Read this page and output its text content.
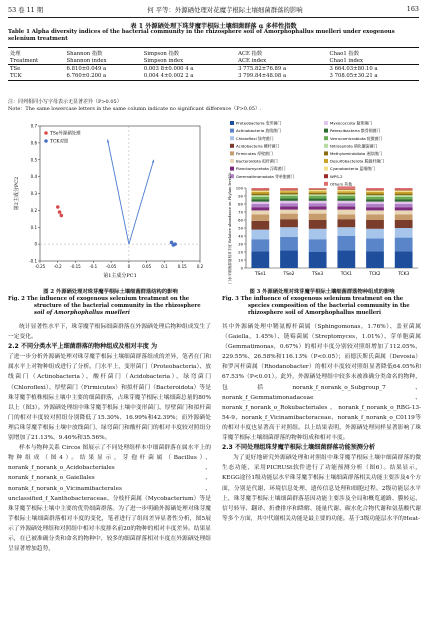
53 卷 11 期	何 平等：外源硒处理对花魔芋根际土壤细菌群落的影响	163
表 1 外源硒处理下珠芽魔芋根际土壤细菌群落 α 多样性指数
Table 1 Alpha diversity indices of the bacterial community in the rhizosphere soil of Amorphophallus muelleri under exogenous selenium treatment
处理	Shannon 指数	Simpson 指数	ACE 指数	Chao1 指数
Treatment	Shannon index	Simpson index	ACE index	Chao1 index
TSe	6.810±0.049 a	0.003 8±0.000 4 a	3 775.82±76.89 a	3 664.03±80.10 a
TCK	6.760±0.200 a	0.004 4±0.002 2 a	3 799.84±48.08 a	3 708.05±30.21 a
注：同列相同小写字母表示无显著差异（P>0.05）
Note：The same lowercase letters in the same column indicate no significant difference（P>0.05）.
-0.25 -0.2 -0.15 -0.1 -0.05	0	0.05	0.1	0.15	0.2
-0.1
0
0.1
0.2
0.3
0.4
0.5
0.6
0.7
第1主成分PC1
第2主成分PC2
TSe外源硒处理
TCK对照
Proteobacteria 变形菌门
Actinobacteria 放线菌门
Chloroflexi 绿弯菌门
Acidobacteria 酸杆菌门
Firmicutes 厚壁菌门
Bacteroidota 拟杆菌门
Planctomycetota 浮霉菌门
Gemmatimonadota 芽单胞菌门
Myxococcota 黏球菌门
Patescibacteria 髌骨细菌门
Verrucomicrobiota 疣微菌门
Nitrospirota 硝化螺旋菌门
Methylomirabilota 迷踪菌门
Desulfobacterota 脱硫杆菌门
Cyanobacteria 蓝细菌门
WPS-2
Others 其他
0
10
20
30
40
50
60
70
80
90
100
TSe1	TSe2	TSe3	TCK1	TCK2	TCK3
门水平细菌群落相对丰度 Relative abundance on Phylum level/%
图 2 外源硒处理对珠芽魔芋根际土壤细菌群落结构的影响
Fig. 2 The influence of exogenous selenium treatment on the
structure of the bacterial community in the rhizosphere
soil of Amorphophallus muelleri
图 3 外源硒处理对珠芽魔芋根际土壤细菌群落物种组成的影响
Fig. 3 The influence of exogenous selenium treatment on the
species composition of the bacterial community in the
rhizosphere soil of Amorphophallus muelleri

统计显著性水平下，珠芽魔芋根际细菌群落在外源硒处理后物种组成发生了一定变化。

2.2 不同分类水平上细菌群落的物种组成及相对丰度 为

了进一步分析外源硒处理对珠芽魔芋根际土壤细菌群落组成的差异，笔者在门和属水平上对物种组成进行了分析。门水平上，变形菌门（Proteobacteria）、放线菌门（Actinobacteria）、酸杆菌门（Acidobacteria）、绿弯菌门（Chloroflexi）、厚壁菌门（Firmicutes）和拟杆菌门（Bacteroidota）等是珠芽魔芋植株根际土壤中主要的细菌群落，占珠芽魔芋根际土壤细菌总量的80%以上（图3）。外源硒处理组中珠芽魔芋根际土壤中变形菌门、厚壁菌门和拟杆菌门的相对丰度较对照组分别降低了15.30%、16.99%和42.39%；而外源硒处理后珠芽魔芋根际土壤中放线菌门、绿弯菌门和酸杆菌门的相对丰度较对照组分别增加了21.13%、9.46%和35.56%。

样本与物种关系 Circos 图展示了不同处理组样本中细菌群落在属水平上的物种组成（图4）。结果显示，芽孢杆菌属（Bacillus）、norank_f_norank_o_Acidobacteriales、norank_f_norank_o_Gaiellales、norank_f_norank_o_Vicinamibacterales、unclassified_f_Xanthobacteraceae、分枝杆菌属（Mycobacterium）等是珠芽魔芋根际土壤中主要的优势细菌群落。为了进一步明确外源硒处理对珠芽魔芋根际土壤细菌群落相对丰度的变化，笔者进行了组间差异显著性分析，图5展示了外源硒处理组和对照组中相对丰度排名前20的物种的相对丰度差异。结果显示，在已被准确分类和命名的物种中，较多的细菌群落相对丰度在外源硒处理组呈显著增加趋势，

其中外源硒处理中鞘氨醇杆菌属（Sphingomonas，1.76%）、盖亚菌属（Gaiella，1.45%）、链霉菌属（Streptomyces，1.01%）、芽单胞菌属（Gemmatimonas，0.67%）的相对丰度分别较对照组增加了112.05%、229.55%、26.58%和116.13%（P<0.05）；而德沃斯氏菌属（Devosia）和罗河杆菌属（Rhodanobacter）的相对丰度较对照组显著降低64.05%和67.53%（P<0.01）。此外，外源硒处理组中较多未被准确分类命名的物种，包括norank_f_norank_o_Subgroup_7、norank_f_Gemmatimonadaceae、norank_f_norank_o_Rokubacteriales、norank_f_norank_o_RBG-13-54-9、norank_f_Vicinamibacteraceae、norank_f_norank_o_C0119等的相对丰度也显著高于对照组。以上结果表明，外源硒处理同样显著影响了珠芽魔芋根际土壤细菌群落的物种组成和相对丰度。

2.3 不同处理组珠芽魔芋根际土壤细菌群落功能预测分析

为了更好地研究外源硒处理和对照组中珠芽魔芋根际土壤中细菌群落的微生态功能，采用PICRUSt软件进行了功能预测分析（图6）。结果显示，KEGG途径1级功能层水平珠芽魔芋根际土壤细菌群落相关功能主要涉及4个方面，分别是代谢、环境信息处理、遗传信息处理和细胞过程。2级功能层水平上，珠芽魔芋根际土壤细菌群落基因功能主要涉及全局和概览通路、膜转运、信号转导、翻译、折叠排序和降解、能量代谢、碳水化合物代谢和氨基酸代谢等多个方面，其中代谢相关功能是最主要的功能。基于3级功能层水平的Heat-
